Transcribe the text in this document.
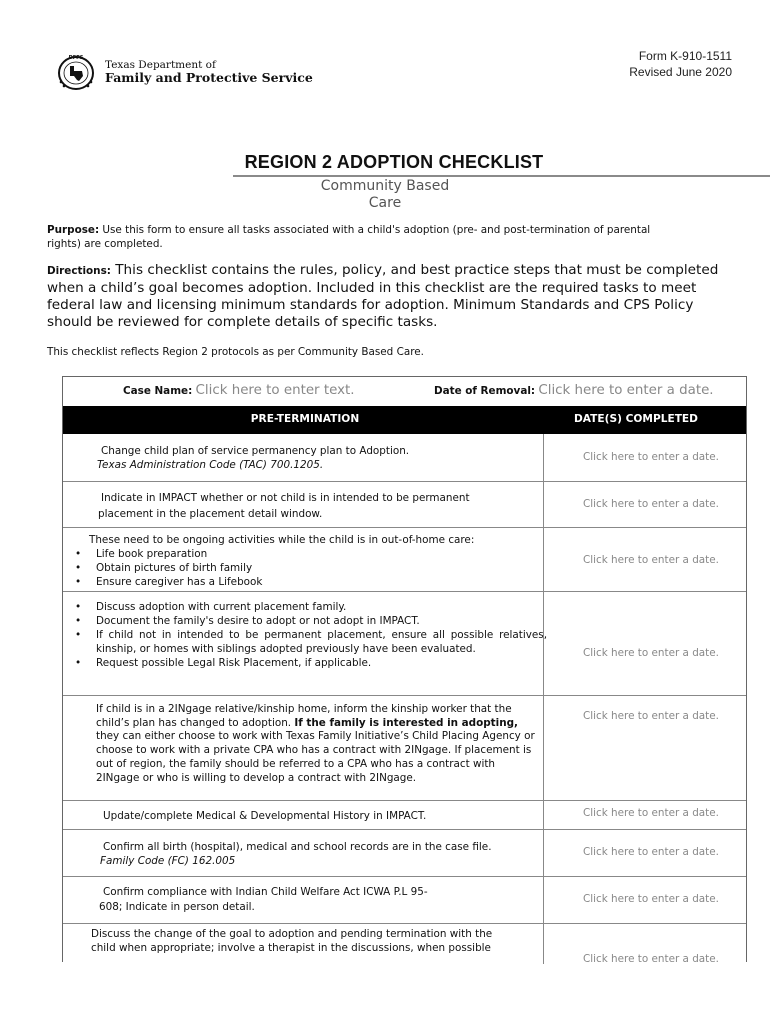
DFPS
Texas Department of
Family and Protective Service
Form K-910-1511
Revised June 2020
REGION 2 ADOPTION CHECKLIST
Community Based
Care
Purpose: Use this form to ensure all tasks associated with a child's adoption (pre- and post-termination of parental rights) are completed.
Directions: This checklist contains the rules, policy, and best practice steps that must be completed when a child’s goal becomes adoption. Included in this checklist are the required tasks to meet federal law and licensing minimum standards for adoption. Minimum Standards and CPS Policy should be reviewed for complete details of specific tasks.
This checklist reflects Region 2 protocols as per Community Based Care.
Case Name: Click here to enter text.	Date of Removal: Click here to enter a date.
PRE-TERMINATION	DATE(S) COMPLETED
Change child plan of service permanency plan to Adoption.
Texas Administration Code (TAC) 700.1205.
Click here to enter a date.
Indicate in IMPACT whether or not child is in intended to be permanent
placement in the placement detail window.
Click here to enter a date.
These need to be ongoing activities while the child is in out-of-home care:
• Life book preparation
• Obtain pictures of birth family
• Ensure caregiver has a Lifebook
Click here to enter a date.
• Discuss adoption with current placement family.
• Document the family's desire to adopt or not adopt in IMPACT.
• If child not in intended to be permanent placement, ensure all possible relatives, kinship, or homes with siblings adopted previously have been evaluated.
• Request possible Legal Risk Placement, if applicable.
Click here to enter a date.
If child is in a 2INgage relative/kinship home, inform the kinship worker that the child’s plan has changed to adoption. If the family is interested in adopting, they can either choose to work with Texas Family Initiative’s Child Placing Agency or choose to work with a private CPA who has a contract with 2INgage. If placement is out of region, the family should be referred to a CPA who has a contract with 2INgage or who is willing to develop a contract with 2INgage.
Click here to enter a date.
Update/complete Medical & Developmental History in IMPACT.	Click here to enter a date.
Confirm all birth (hospital), medical and school records are in the case file.
Family Code (FC) 162.005
Click here to enter a date.
Confirm compliance with Indian Child Welfare Act ICWA P.L 95-
608; Indicate in person detail.
Click here to enter a date.
Discuss the change of the goal to adoption and pending termination with the
child when appropriate; involve a therapist in the discussions, when possible
Click here to enter a date.
